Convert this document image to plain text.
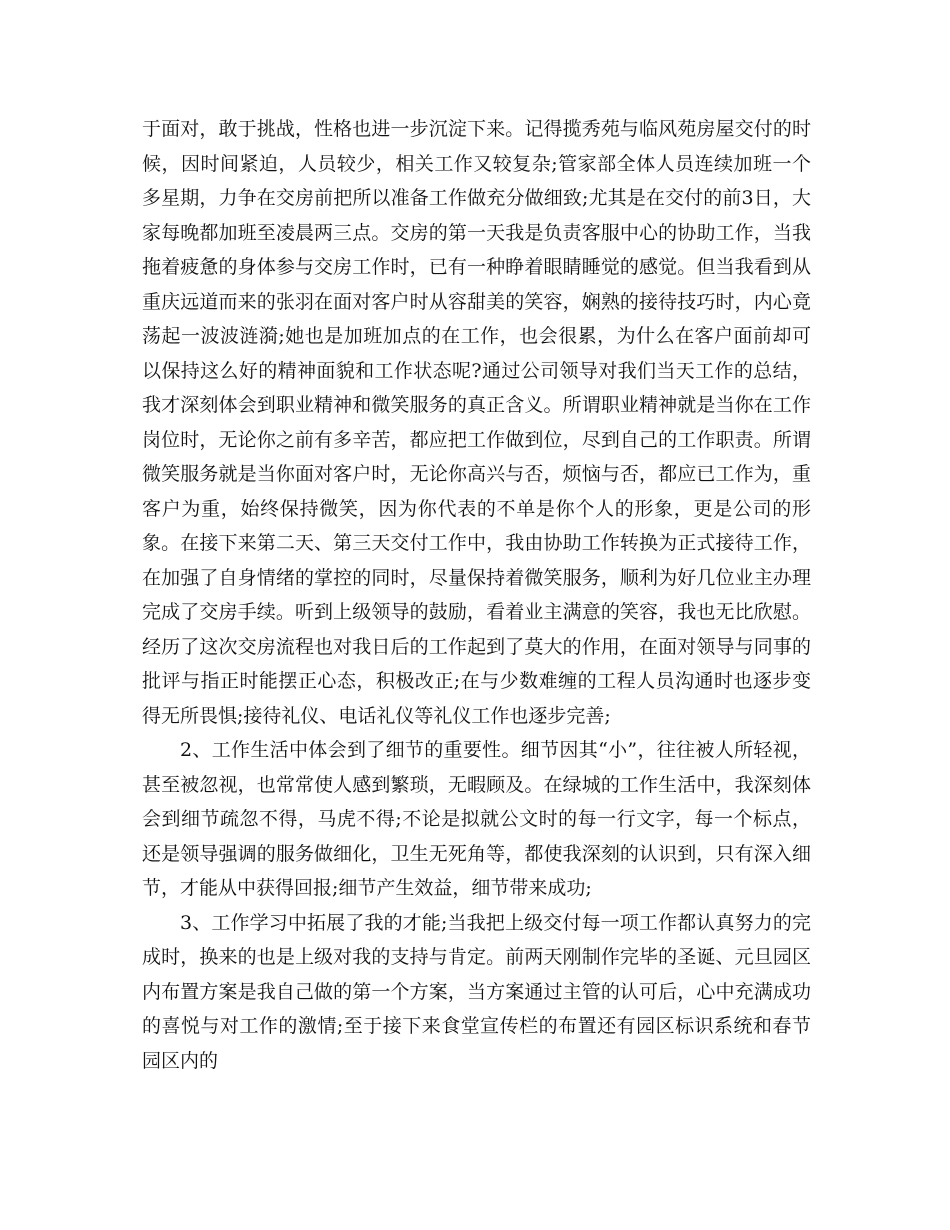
于面对，敢于挑战，性格也进一步沉淀下来。记得揽秀苑与临风苑房屋交付的时候，因时间紧迫，人员较少，相关工作又较复杂;管家部全体人员连续加班一个多星期，力争在交房前把所以准备工作做充分做细致;尤其是在交付的前3日，大家每晚都加班至凌晨两三点。交房的第一天我是负责客服中心的协助工作，当我拖着疲惫的身体参与交房工作时，已有一种睁着眼睛睡觉的感觉。但当我看到从重庆远道而来的张羽在面对客户时从容甜美的笑容，娴熟的接待技巧时，内心竟荡起一波波涟漪;她也是加班加点的在工作，也会很累，为什么在客户面前却可以保持这么好的精神面貌和工作状态呢?通过公司领导对我们当天工作的总结，我才深刻体会到职业精神和微笑服务的真正含义。所谓职业精神就是当你在工作岗位时，无论你之前有多辛苦，都应把工作做到位，尽到自己的工作职责。所谓微笑服务就是当你面对客户时，无论你高兴与否，烦恼与否，都应已工作为，重客户为重，始终保持微笑，因为你代表的不单是你个人的形象，更是公司的形象。在接下来第二天、第三天交付工作中，我由协助工作转换为正式接待工作，在加强了自身情绪的掌控的同时，尽量保持着微笑服务，顺利为好几位业主办理完成了交房手续。听到上级领导的鼓励，看着业主满意的笑容，我也无比欣慰。经历了这次交房流程也对我日后的工作起到了莫大的作用，在面对领导与同事的批评与指正时能摆正心态，积极改正;在与少数难缠的工程人员沟通时也逐步变得无所畏惧;接待礼仪、电话礼仪等礼仪工作也逐步完善;

2、工作生活中体会到了细节的重要性。细节因其“小”，往往被人所轻视，甚至被忽视，也常常使人感到繁琐，无暇顾及。在绿城的工作生活中，我深刻体会到细节疏忽不得，马虎不得;不论是拟就公文时的每一行文字，每一个标点，还是领导强调的服务做细化，卫生无死角等，都使我深刻的认识到，只有深入细节，才能从中获得回报;细节产生效益，细节带来成功;

3、工作学习中拓展了我的才能;当我把上级交付每一项工作都认真努力的完成时，换来的也是上级对我的支持与肯定。前两天刚制作完毕的圣诞、元旦园区内布置方案是我自己做的第一个方案，当方案通过主管的认可后，心中充满成功的喜悦与对工作的激情;至于接下来食堂宣传栏的布置还有园区标识系统和春节园区内的
